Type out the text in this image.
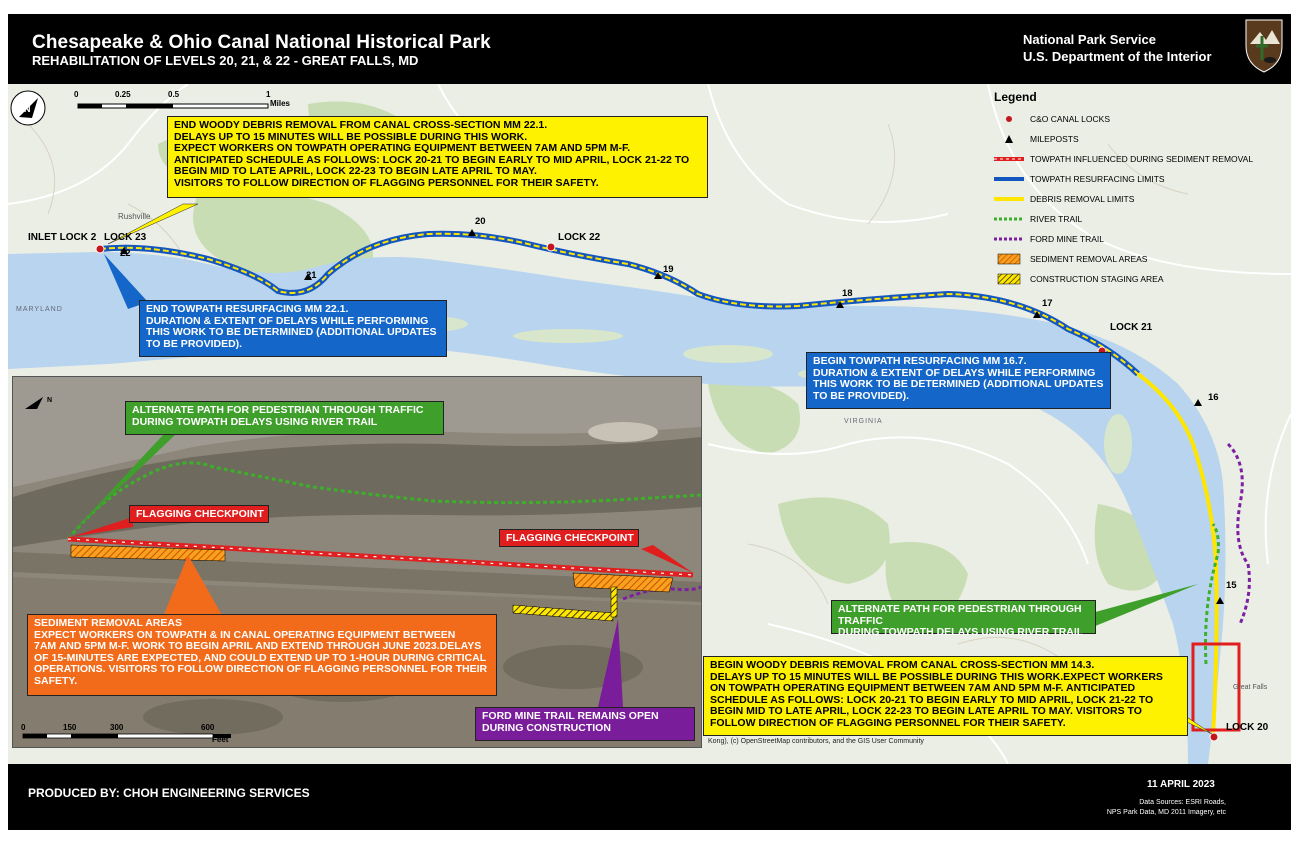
Chesapeake & Ohio Canal National Historical Park
REHABILITATION OF LEVELS 20, 21, & 22 - GREAT FALLS, MD
National Park Service
U.S. Department of the Interior
N
0	0.25	0.5	1
Miles
INLET LOCK 2 LOCK 23	LOCK 22
LOCK 21
LOCK 20
22
21
20
19
18
17
16
15
Rushville
MARYLAND
VIRGINIA
Great Falls
END WOODY DEBRIS REMOVAL FROM CANAL CROSS-SECTION MM 22.1.
DELAYS UP TO 15 MINUTES WILL BE POSSIBLE DURING THIS WORK.
EXPECT WORKERS ON TOWPATH OPERATING EQUIPMENT BETWEEN 7AM AND 5PM M-F.
ANTICIPATED SCHEDULE AS FOLLOWS: LOCK 20-21 TO BEGIN EARLY TO MID APRIL, LOCK 21-22 TO
BEGIN MID TO LATE APRIL, LOCK 22-23 TO BEGIN LATE APRIL TO MAY.
VISITORS TO FOLLOW DIRECTION OF FLAGGING PERSONNEL FOR THEIR SAFETY.
END TOWPATH RESURFACING MM 22.1.
DURATION & EXTENT OF DELAYS WHILE PERFORMING
THIS WORK TO BE DETERMINED (ADDITIONAL UPDATES
TO BE PROVIDED).
BEGIN TOWPATH RESURFACING MM 16.7.
DURATION & EXTENT OF DELAYS WHILE PERFORMING
THIS WORK TO BE DETERMINED (ADDITIONAL UPDATES
TO BE PROVIDED).
ALTERNATE PATH FOR PEDESTRIAN THROUGH TRAFFIC
DURING TOWPATH DELAYS USING RIVER TRAIL
BEGIN WOODY DEBRIS REMOVAL FROM CANAL CROSS-SECTION MM 14.3.
DELAYS UP TO 15 MINUTES WILL BE POSSIBLE DURING THIS WORK.EXPECT WORKERS
ON TOWPATH OPERATING EQUIPMENT BETWEEN 7AM AND 5PM M-F. ANTICIPATED
SCHEDULE AS FOLLOWS: LOCK 20-21 TO BEGIN EARLY TO MID APRIL, LOCK 21-22 TO
BEGIN MID TO LATE APRIL, LOCK 22-23 TO BEGIN LATE APRIL TO MAY. VISITORS TO
FOLLOW DIRECTION OF FLAGGING PERSONNEL FOR THEIR SAFETY.
Legend
C&O CANAL LOCKS
MILEPOSTS
TOWPATH INFLUENCED DURING SEDIMENT REMOVAL
TOWPATH RESURFACING LIMITS
DEBRIS REMOVAL LIMITS
RIVER TRAIL
FORD MINE TRAIL
SEDIMENT REMOVAL AREAS
CONSTRUCTION STAGING AREA
N
ALTERNATE PATH FOR PEDESTRIAN THROUGH TRAFFIC
DURING TOWPATH DELAYS USING RIVER TRAIL
FLAGGING CHECKPOINT
FLAGGING CHECKPOINT
SEDIMENT REMOVAL AREAS
EXPECT WORKERS ON TOWPATH & IN CANAL OPERATING EQUIPMENT BETWEEN
7AM AND 5PM M-F. WORK TO BEGIN APRIL AND EXTEND THROUGH JUNE 2023.DELAYS
OF 15-MINUTES ARE EXPECTED, AND COULD EXTEND UP TO 1-HOUR DURING CRITICAL
OPERATIONS. VISITORS TO FOLLOW DIRECTION OF FLAGGING PERSONNEL FOR THEIR
SAFETY.
FORD MINE TRAIL REMAINS OPEN
DURING CONSTRUCTION
0	150	300	600
Feet	Kong), (c) OpenStreetMap contributors, and the GIS User Community
PRODUCED BY: CHOH ENGINEERING SERVICES
11 APRIL 2023
Data Sources: ESRI Roads,
NPS Park Data, MD 2011 Imagery, etc
